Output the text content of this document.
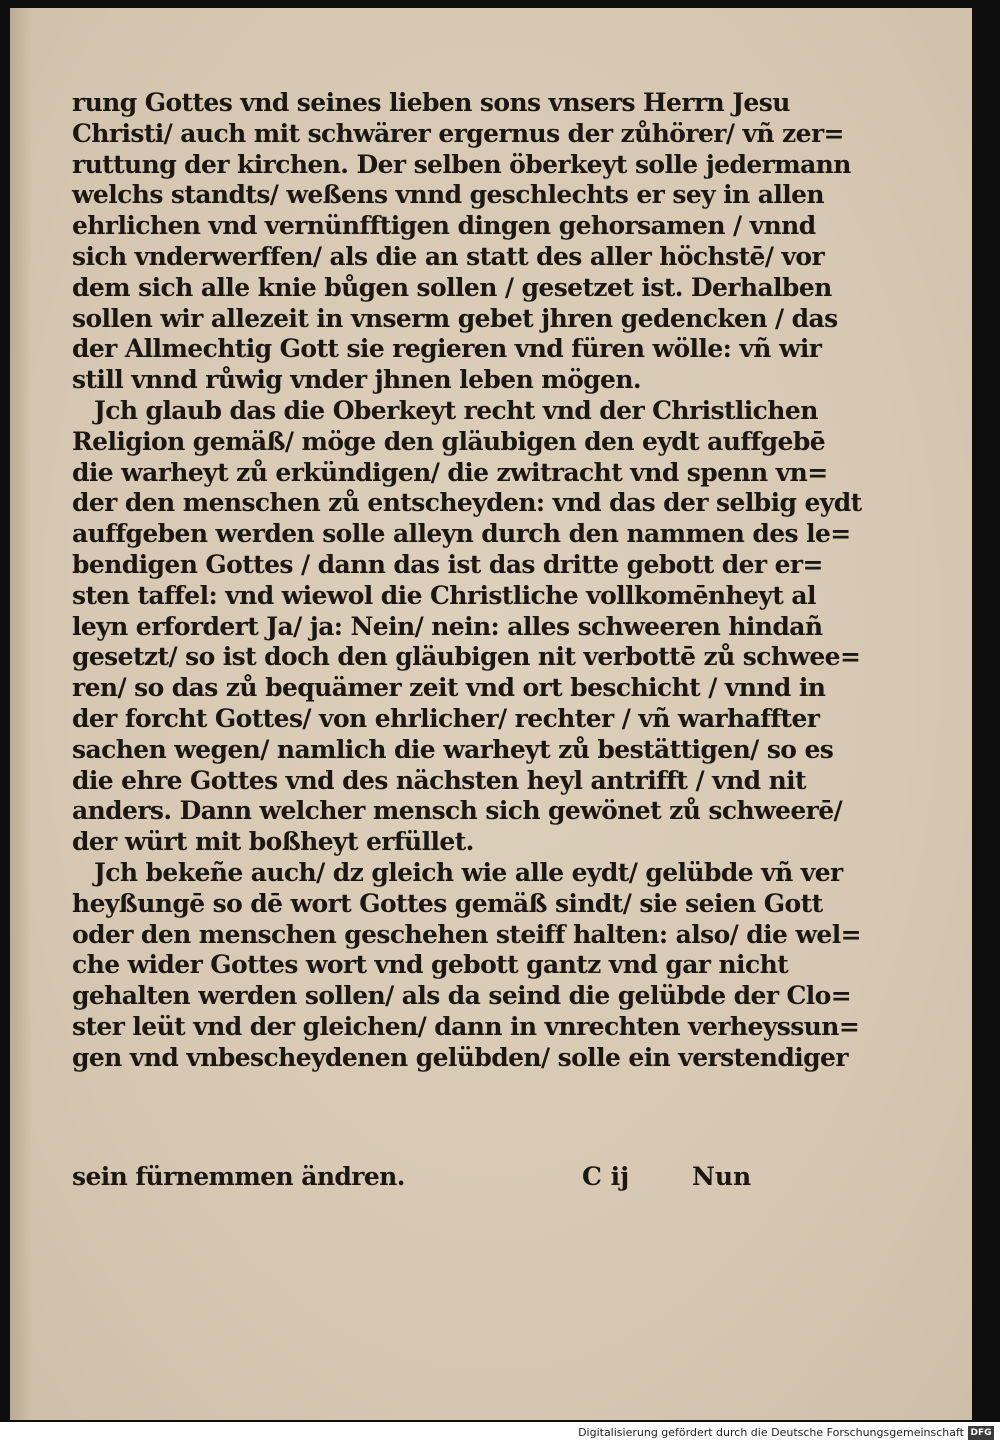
rung Gottes vnd seines lieben sons vnsers Herrn Jesu
Christi/ auch mit schwärer ergernus der zůhörer/ vñ zer=
ruttung der kirchen. Der selben öberkeyt solle jedermann
welchs standts/ weßens vnnd geschlechts er sey in allen
ehrlichen vnd vernünfftigen dingen gehorsamen / vnnd
sich vnderwerffen/ als die an statt des aller höchstē/ vor
dem sich alle knie bůgen sollen / gesetzet ist. Derhalben
sollen wir allezeit in vnserm gebet jhren gedencken / das
der Allmechtig Gott sie regieren vnd füren wölle: vñ wir
still vnnd růwig vnder jhnen leben mögen.
Jch glaub das die Oberkeyt recht vnd der Christlichen
Religion gemäß/ möge den gläubigen den eydt auffgebē
die warheyt zů erkündigen/ die zwitracht vnd spenn vn=
der den menschen zů entscheyden: vnd das der selbig eydt
auffgeben werden solle alleyn durch den nammen des le=
bendigen Gottes / dann das ist das dritte gebott der er=
sten taffel: vnd wiewol die Christliche vollkomēnheyt al
leyn erfordert Ja/ ja: Nein/ nein: alles schweeren hindañ
gesetzt/ so ist doch den gläubigen nit verbottē zů schwee=
ren/ so das zů bequämer zeit vnd ort beschicht / vnnd in
der forcht Gottes/ von ehrlicher/ rechter / vñ warhaffter
sachen wegen/ namlich die warheyt zů bestättigen/ so es
die ehre Gottes vnd des nächsten heyl antrifft / vnd nit
anders. Dann welcher mensch sich gewönet zů schweerē/
der würt mit boßheyt erfüllet.
Jch bekeñe auch/ dz gleich wie alle eydt/ gelübde vñ ver
heyßungē so dē wort Gottes gemäß sindt/ sie seien Gott
oder den menschen geschehen steiff halten: also/ die wel=
che wider Gottes wort vnd gebott gantz vnd gar nicht
gehalten werden sollen/ als da seind die gelübde der Clo=
ster leüt vnd der gleichen/ dann in vnrechten verheyssun=
gen vnd vnbescheydenen gelübden/ solle ein verstendiger
sein fürnemmen ändren.	C ij	Nun
Digitalisierung gefördert durch die Deutsche Forschungsgemeinschaft DFG
